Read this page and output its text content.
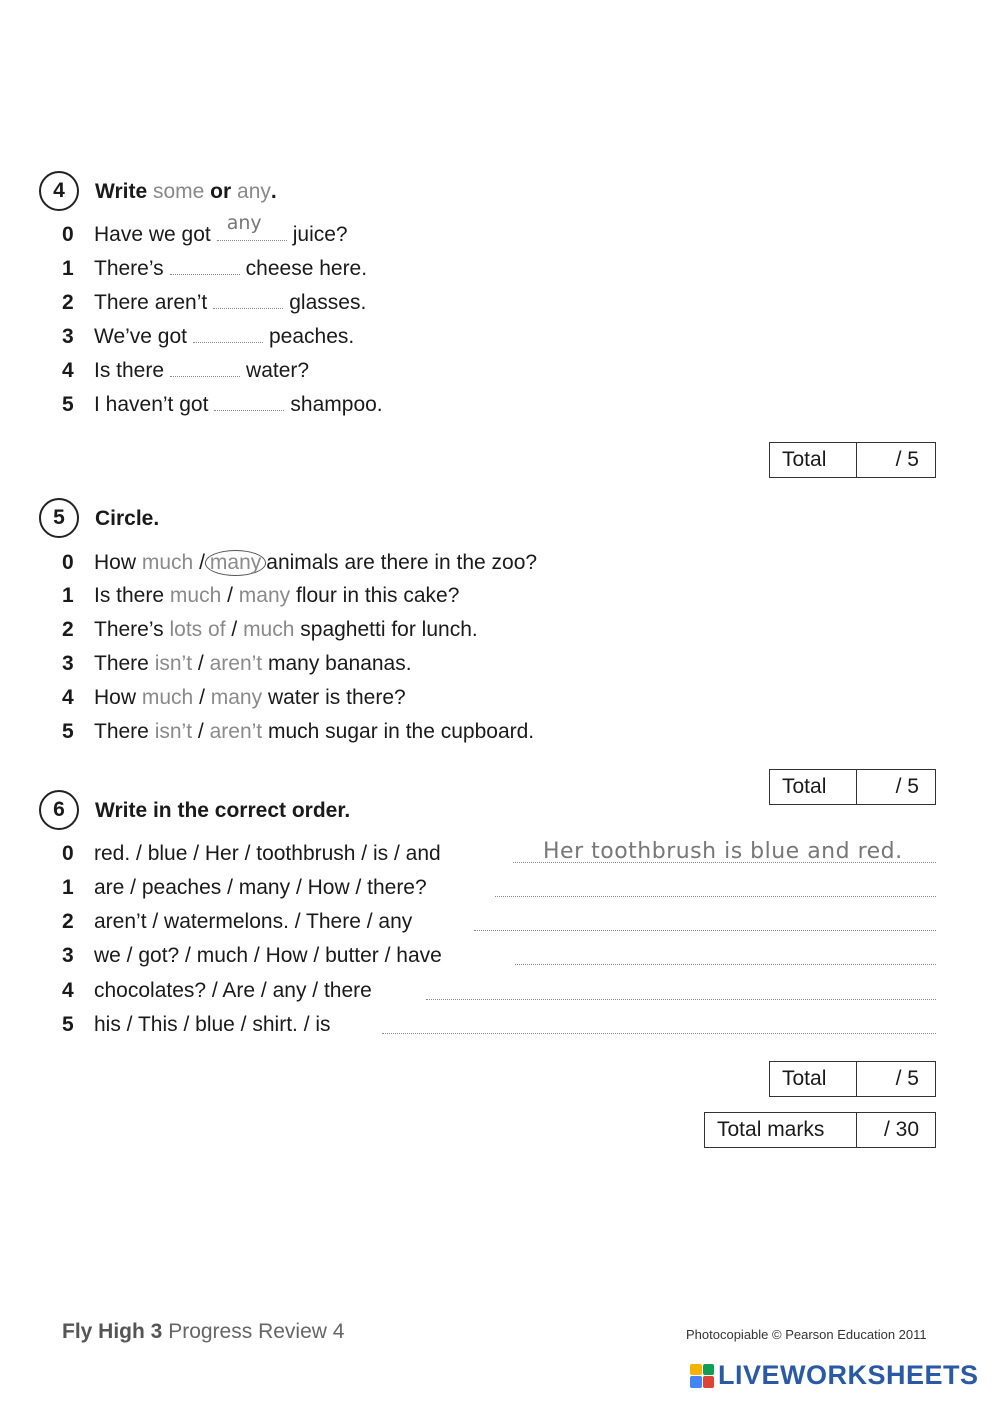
4	Write some or any.
0 Have we got any juice?
1 There’s	cheese here.
2 There aren’t	glasses.
3 We’ve got	peaches.
4 Is there	water?
5 I haven’t got	shampoo.
Total	/ 5
5	Circle.
0 How
much
/ many animals are there in the zoo?
1 Is there
much
/
many
flour in this cake?
2 There’s
lots of
/
much
spaghetti for lunch.
3 There
isn’t
/
aren’t
many bananas.
4 How
much
/
many
water is there?
5 There
isn’t
/
aren’t
much sugar in the cupboard.
Total	/ 5
6	Write in the correct order.
0 red. / blue / Her / toothbrush / is / and	Her toothbrush is blue and red.
1 are / peaches / many / How / there?
2 aren’t / watermelons. / There / any
3 we / got? / much / How / butter / have
4 chocolates? / Are / any / there
5 his / This / blue / shirt. / is
Total	/ 5
Total marks	/ 30
Fly High 3 Progress Review 4	Photocopiable © Pearson Education 2011
LIVEWORKSHEETS
